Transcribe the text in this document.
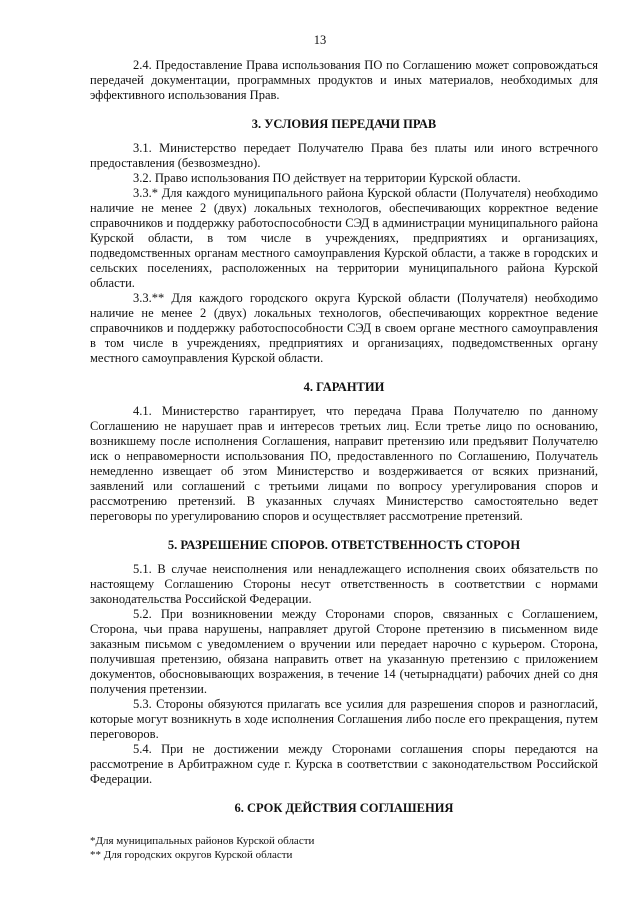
13

2.4. Предоставление Права использования ПО по Соглашению может сопровождаться передачей документации, программных продуктов и иных материалов, необходимых для эффективного использования Прав.

3. УСЛОВИЯ ПЕРЕДАЧИ ПРАВ

3.1. Министерство передает Получателю Права без платы или иного встречного предоставления (безвозмездно).

3.2. Право использования ПО действует на территории Курской области.

3.3.* Для каждого муниципального района Курской области (Получателя) необходимо наличие не менее 2 (двух) локальных технологов, обеспечивающих корректное ведение справочников и поддержку работоспособности СЭД в администрации муниципального района Курской области, в том числе в учреждениях, предприятиях и организациях, подведомственных органам местного самоуправления Курской области, а также в городских и сельских поселениях, расположенных на территории муниципального района Курской области.

3.3.** Для каждого городского округа Курской области (Получателя) необходимо наличие не менее 2 (двух) локальных технологов, обеспечивающих корректное ведение справочников и поддержку работоспособности СЭД в своем органе местного самоуправления в том числе в учреждениях, предприятиях и организациях, подведомственных органу местного самоуправления Курской области.

4. ГАРАНТИИ

4.1. Министерство гарантирует, что передача Права Получателю по данному Соглашению не нарушает прав и интересов третьих лиц. Если третье лицо по основанию, возникшему после исполнения Соглашения, направит претензию или предъявит Получателю иск о неправомерности использования ПО, предоставленного по Соглашению, Получатель немедленно извещает об этом Министерство и воздерживается от всяких признаний, заявлений или соглашений с третьими лицами по вопросу урегулирования споров и рассмотрению претензий. В указанных случаях Министерство самостоятельно ведет переговоры по урегулированию споров и осуществляет рассмотрение претензий.

5. РАЗРЕШЕНИЕ СПОРОВ. ОТВЕТСТВЕННОСТЬ СТОРОН

5.1. В случае неисполнения или ненадлежащего исполнения своих обязательств по настоящему Соглашению Стороны несут ответственность в соответствии с нормами законодательства Российской Федерации.

5.2. При возникновении между Сторонами споров, связанных с Соглашением, Сторона, чьи права нарушены, направляет другой Стороне претензию в письменном виде заказным письмом с уведомлением о вручении или передает нарочно с курьером. Сторона, получившая претензию, обязана направить ответ на указанную претензию с приложением документов, обосновывающих возражения, в течение 14 (четырнадцати) рабочих дней со дня получения претензии.

5.3. Стороны обязуются прилагать все усилия для разрешения споров и разногласий, которые могут возникнуть в ходе исполнения Соглашения либо после его прекращения, путем переговоров.

5.4. При не достижении между Сторонами соглашения споры передаются на рассмотрение в Арбитражном суде г. Курска в соответствии с законодательством Российской Федерации.

6. СРОК ДЕЙСТВИЯ СОГЛАШЕНИЯ
*Для муниципальных районов Курской области
** Для городских округов Курской области
